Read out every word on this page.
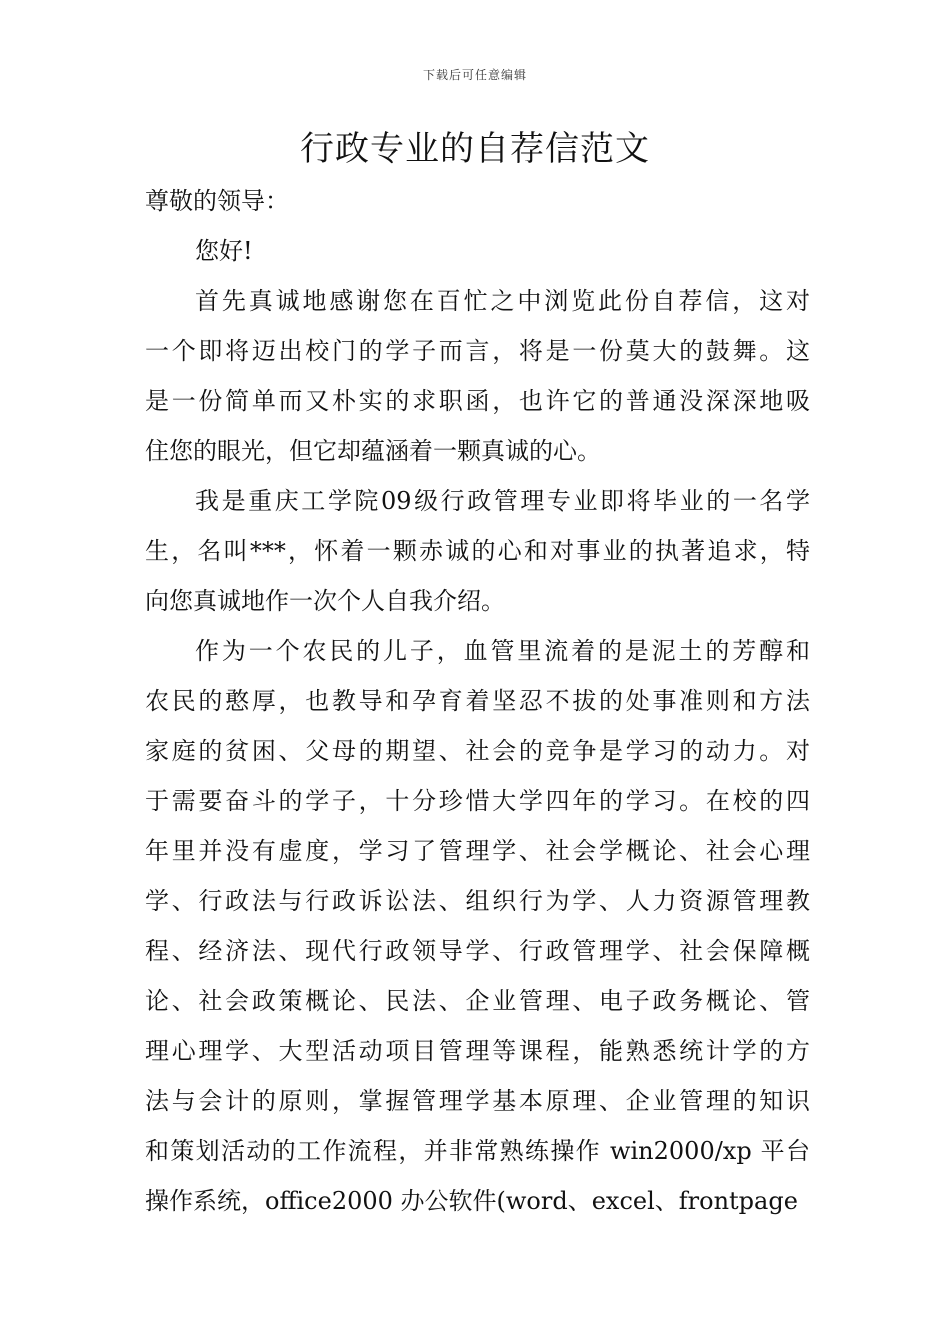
下载后可任意编辑
行政专业的自荐信范文
尊敬的领导：
您好!
首先真诚地感谢您在百忙之中浏览此份自荐信，这对
一个即将迈出校门的学子而言，将是一份莫大的鼓舞。这
是一份简单而又朴实的求职函，也许它的普通没深深地吸
住您的眼光，但它却蕴涵着一颗真诚的心。
我是重庆工学院09级行政管理专业即将毕业的一名学
生，名叫***，怀着一颗赤诚的心和对事业的执著追求，特
向您真诚地作一次个人自我介绍。
作为一个农民的儿子，血管里流着的是泥土的芳醇和
农民的憨厚，也教导和孕育着坚忍不拔的处事准则和方法
家庭的贫困、父母的期望、社会的竞争是学习的动力。对
于需要奋斗的学子，十分珍惜大学四年的学习。在校的四
年里并没有虚度，学习了管理学、社会学概论、社会心理
学、行政法与行政诉讼法、组织行为学、人力资源管理教
程、经济法、现代行政领导学、行政管理学、社会保障概
论、社会政策概论、民法、企业管理、电子政务概论、管
理心理学、大型活动项目管理等课程，能熟悉统计学的方
法与会计的原则，掌握管理学基本原理、企业管理的知识
和策划活动的工作流程，并非常熟练操作 win2000/xp 平台
操作系统，office2000 办公软件(word、excel、frontpage
